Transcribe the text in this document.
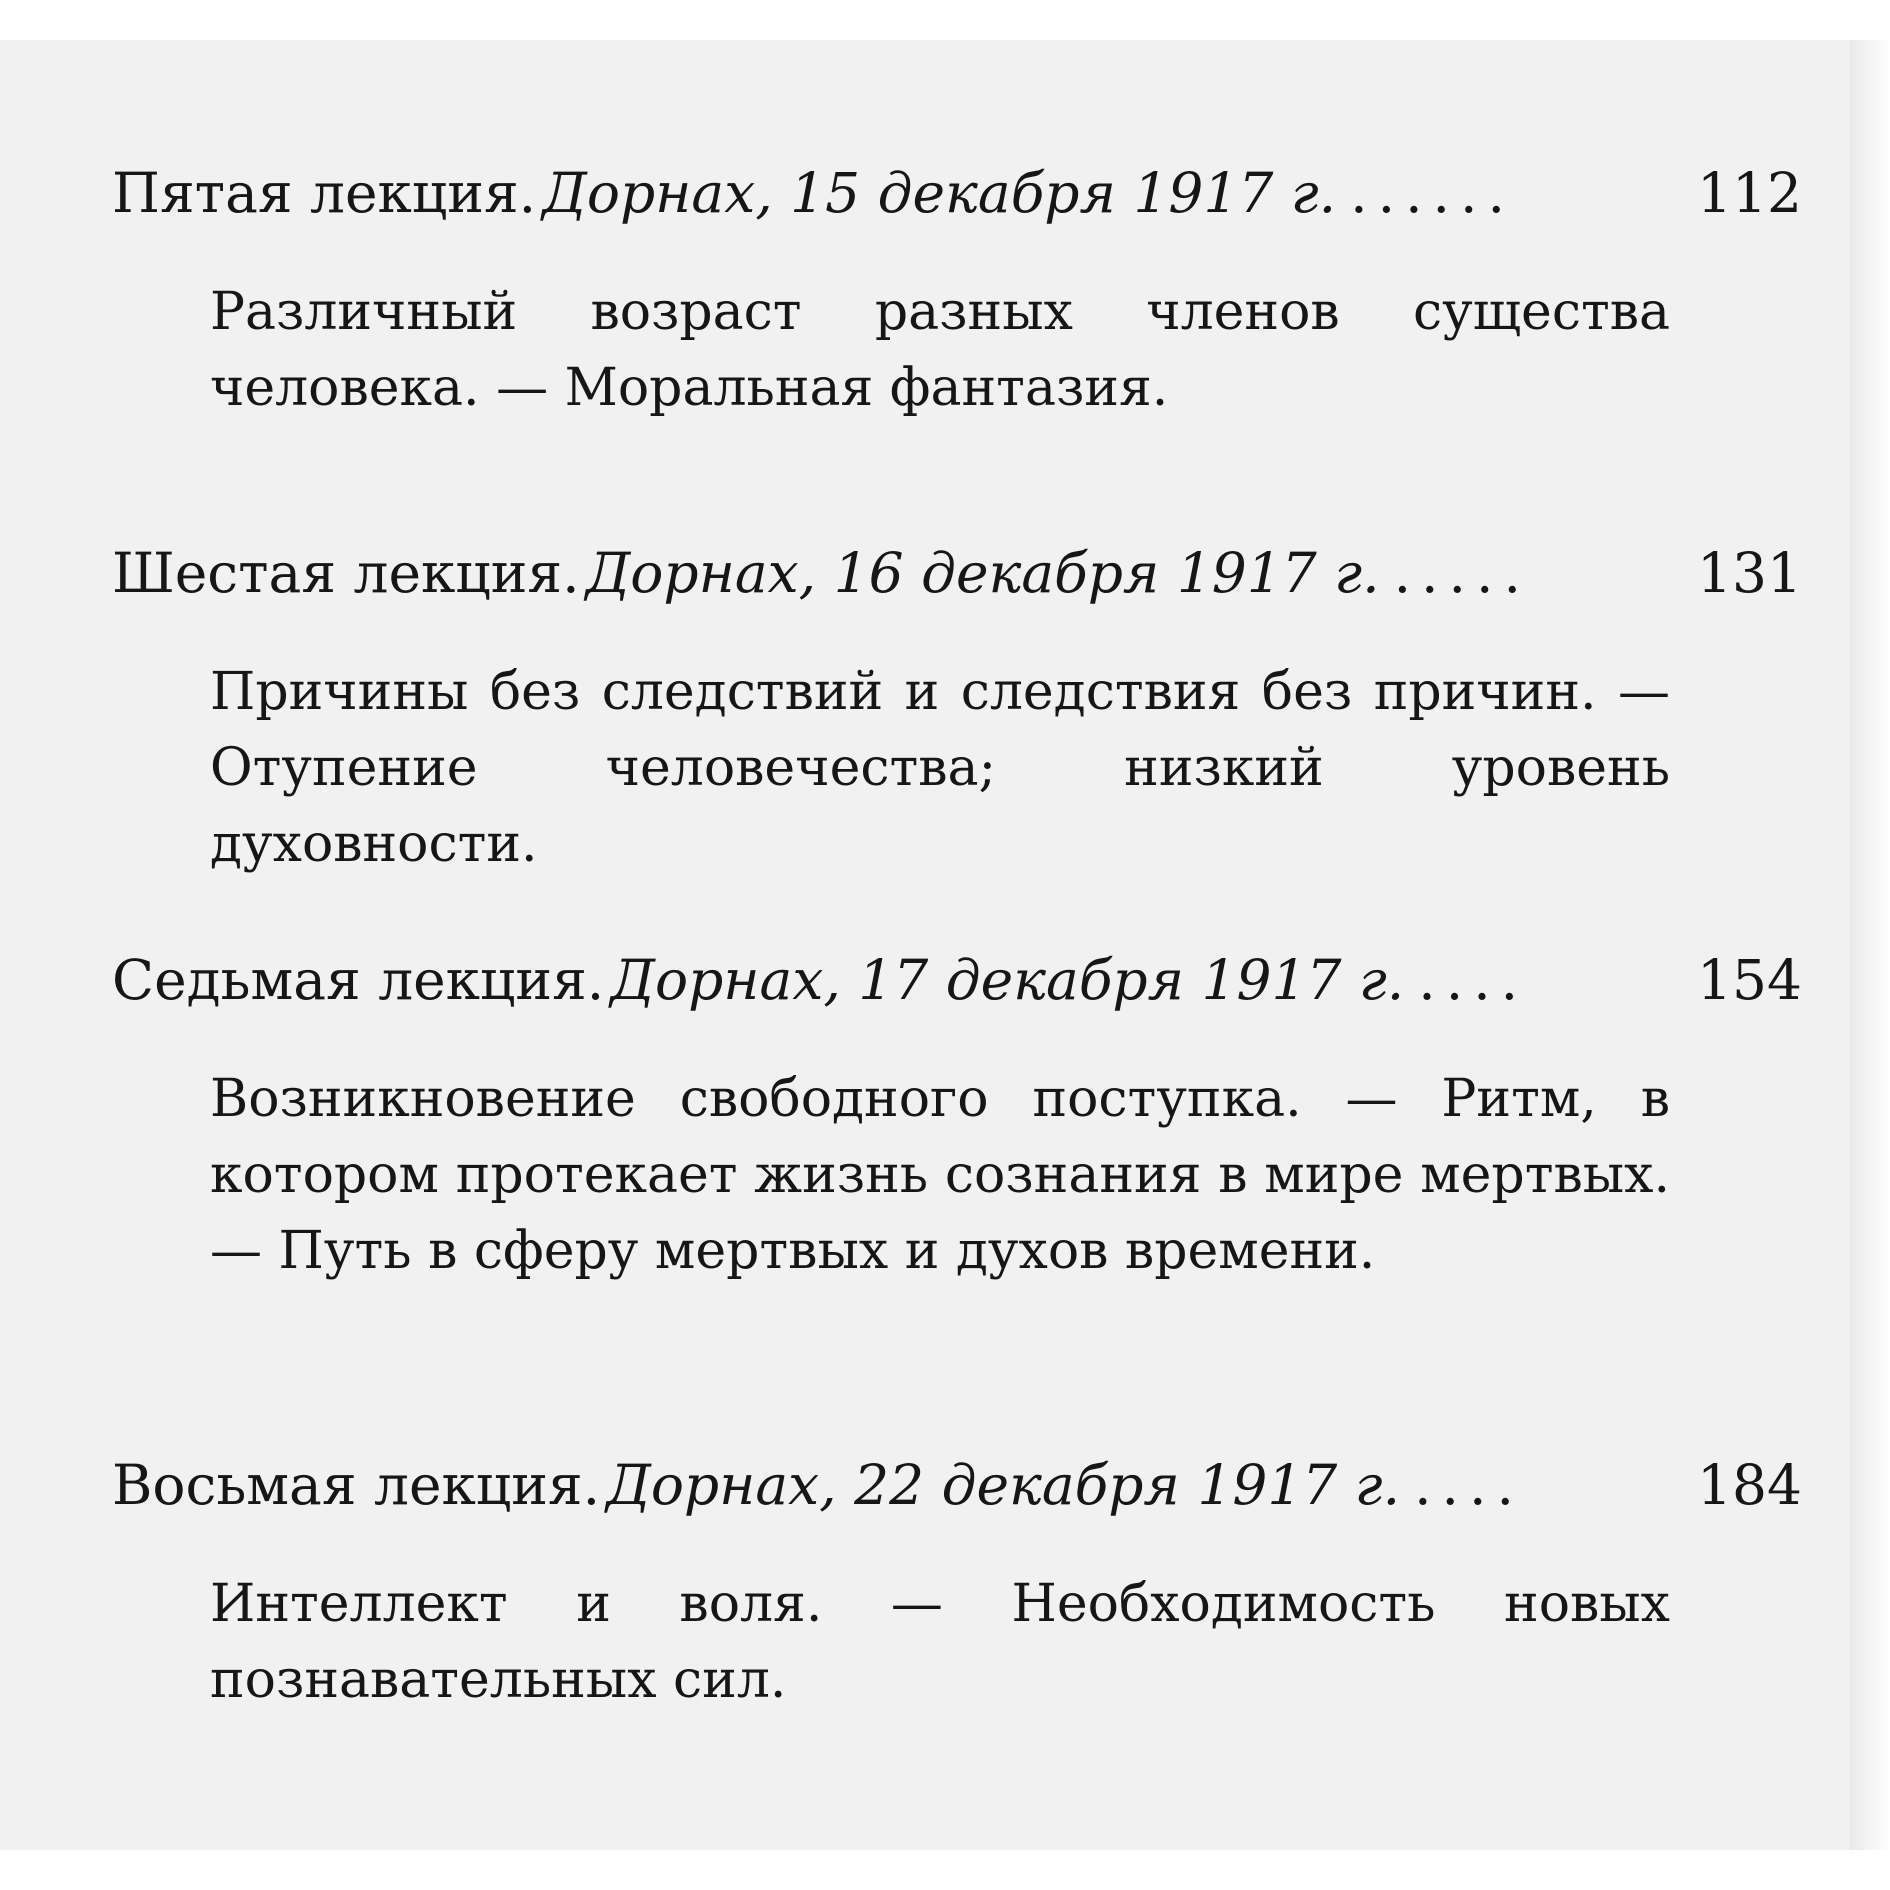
Пятая лекция. Дорнах, 15 декабря 1917 г. ......	112
Различный возраст разных членов существа человека. — Моральная фантазия.
Шестая лекция. Дорнах, 16 декабря 1917 г. .....	131
Причины без следствий и следствия без причин. — Отупение человечества; низкий уровень духовности.
Седьмая лекция. Дорнах, 17 декабря 1917 г. ....	154
Возникновение свободного поступка. — Ритм, в котором протекает жизнь сознания в мире мертвых. — Путь в сферу мертвых и духов времени.
Восьмая лекция. Дорнах, 22 декабря 1917 г. ....	184
Интеллект и воля. — Необходимость новых познавательных сил.
